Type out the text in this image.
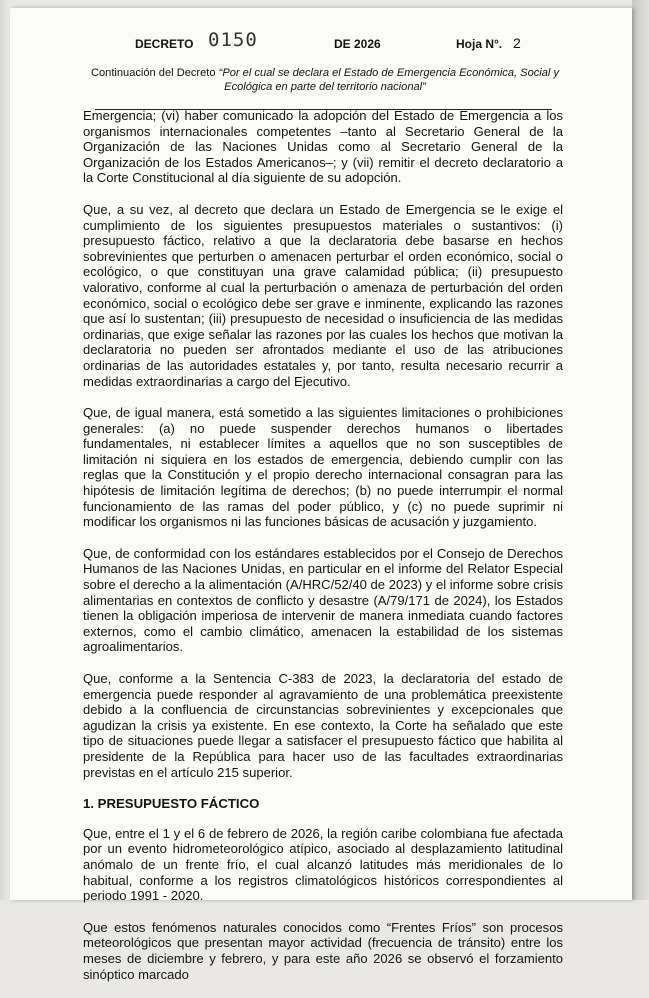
DECRETO 0150	DE 2026	Hoja N°. 2
Continuación del Decreto “Por el cual se declara el Estado de Emergencia Económica, Social y Ecológica en parte del territorio nacional”

Emergencia; (vi) haber comunicado la adopción del Estado de Emergencia a los organismos internacionales competentes –tanto al Secretario General de la Organización de las Naciones Unidas como al Secretario General de la Organización de los Estados Americanos–; y (vii) remitir el decreto declaratorio a la Corte Constitucional al día siguiente de su adopción.

Que, a su vez, al decreto que declara un Estado de Emergencia se le exige el cumplimiento de los siguientes presupuestos materiales o sustantivos: (i) presupuesto fáctico, relativo a que la declaratoria debe basarse en hechos sobrevinientes que perturben o amenacen perturbar el orden económico, social o ecológico, o que constituyan una grave calamidad pública; (ii) presupuesto valorativo, conforme al cual la perturbación o amenaza de perturbación del orden económico, social o ecológico debe ser grave e inminente, explicando las razones que así lo sustentan; (iii) presupuesto de necesidad o insuficiencia de las medidas ordinarias, que exige señalar las razones por las cuales los hechos que motivan la declaratoria no pueden ser afrontados mediante el uso de las atribuciones ordinarias de las autoridades estatales y, por tanto, resulta necesario recurrir a medidas extraordinarias a cargo del Ejecutivo.

Que, de igual manera, está sometido a las siguientes limitaciones o prohibiciones generales: (a) no puede suspender derechos humanos o libertades fundamentales, ni establecer límites a aquellos que no son susceptibles de limitación ni siquiera en los estados de emergencia, debiendo cumplir con las reglas que la Constitución y el propio derecho internacional consagran para las hipótesis de limitación legítima de derechos; (b) no puede interrumpir el normal funcionamiento de las ramas del poder público, y (c) no puede suprimir ni modificar los organismos ni las funciones básicas de acusación y juzgamiento.

Que, de conformidad con los estándares establecidos por el Consejo de Derechos Humanos de las Naciones Unidas, en particular en el informe del Relator Especial sobre el derecho a la alimentación (A/HRC/52/40 de 2023) y el informe sobre crisis alimentarias en contextos de conflicto y desastre (A/79/171 de 2024), los Estados tienen la obligación imperiosa de intervenir de manera inmediata cuando factores externos, como el cambio climático, amenacen la estabilidad de los sistemas agroalimentarios.

Que, conforme a la Sentencia C-383 de 2023, la declaratoria del estado de emergencia puede responder al agravamiento de una problemática preexistente debido a la confluencia de circunstancias sobrevinientes y excepcionales que agudizan la crisis ya existente. En ese contexto, la Corte ha señalado que este tipo de situaciones puede llegar a satisfacer el presupuesto fáctico que habilita al presidente de la República para hacer uso de las facultades extraordinarias previstas en el artículo 215 superior.

1. PRESUPUESTO FÁCTICO

Que, entre el 1 y el 6 de febrero de 2026, la región caribe colombiana fue afectada por un evento hidrometeorológico atípico, asociado al desplazamiento latitudinal anómalo de un frente frío, el cual alcanzó latitudes más meridionales de lo habitual, conforme a los registros climatológicos históricos correspondientes al periodo 1991 - 2020.

Que estos fenómenos naturales conocidos como “Frentes Fríos” son procesos meteorológicos que presentan mayor actividad (frecuencia de tránsito) entre los meses de diciembre y febrero, y para este año 2026 se observó el forzamiento sinóptico marcado
